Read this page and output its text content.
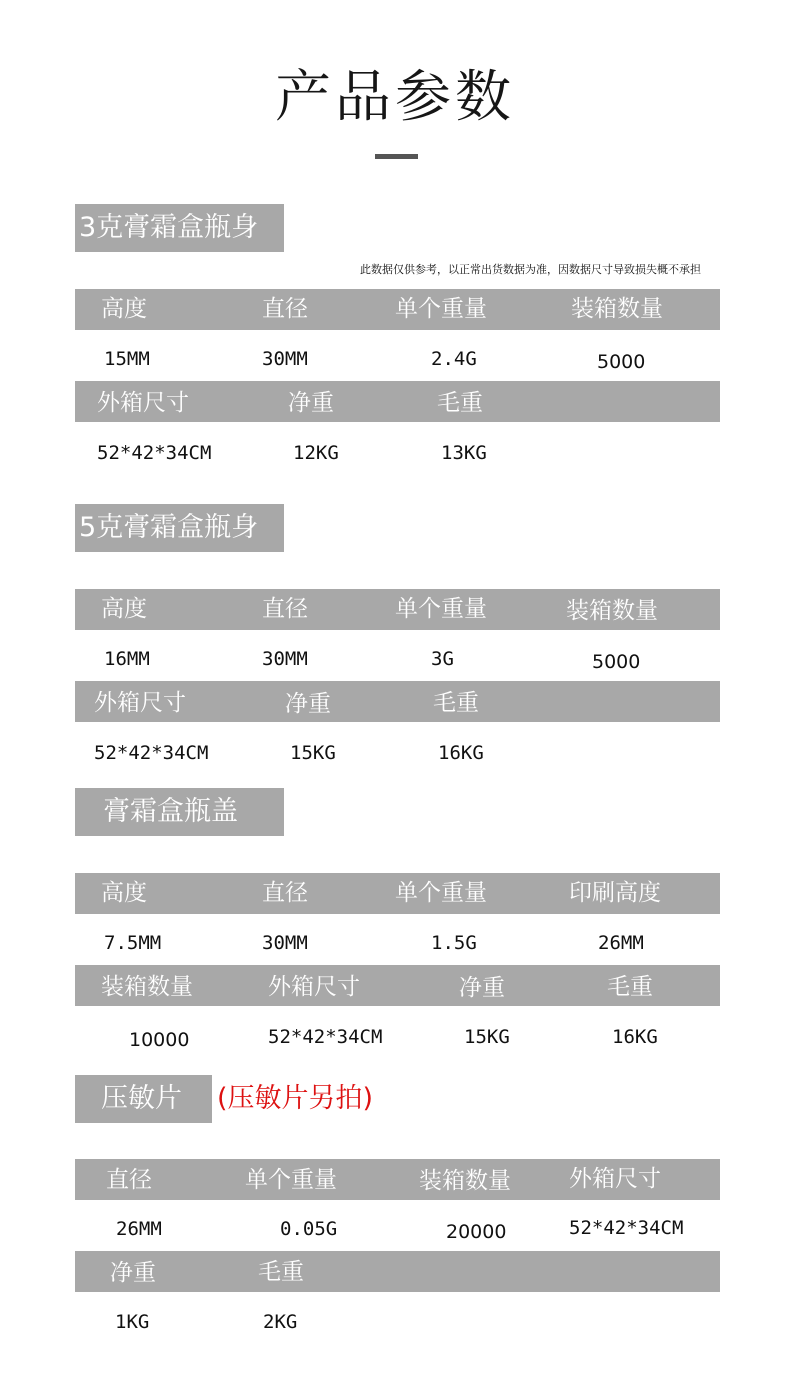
产品参数
3克膏霜盒瓶身
此数据仅供参考，以正常出货数据为准，因数据尺寸导致损失概不承担
高度	直径	单个重量	装箱数量
15MM	30MM	2.4G	5000
外箱尺寸	净重	毛重
52*42*34CM	12KG	13KG
5克膏霜盒瓶身
高度	直径	单个重量	装箱数量
16MM	30MM	3G	5000
外箱尺寸	净重	毛重
52*42*34CM	15KG	16KG
膏霜盒瓶盖
高度	直径	单个重量	印刷高度
7.5MM	30MM	1.5G	26MM
装箱数量	外箱尺寸	净重	毛重
10000	52*42*34CM	15KG	16KG
压敏片	(压敏片另拍)
直径	单个重量	装箱数量	外箱尺寸
26MM	0.05G	20000	52*42*34CM
净重	毛重
1KG	2KG
